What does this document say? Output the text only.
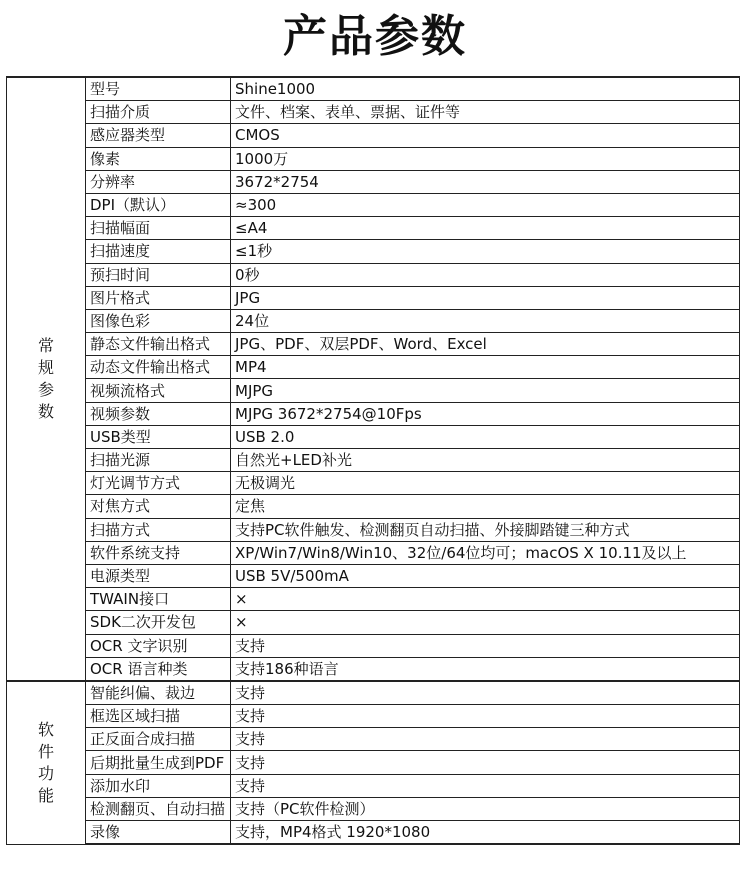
产品参数
常规参数	型号	Shine1000
	扫描介质	文件、档案、表单、票据、证件等
	感应器类型	CMOS
	像素	1000万
	分辨率	3672*2754
	DPI（默认）	≈300
	扫描幅面	≤A4
	扫描速度	≤1秒
	预扫时间	0秒
	图片格式	JPG
	图像色彩	24位
	静态文件输出格式	JPG、PDF、双层PDF、Word、Excel
	动态文件输出格式	MP4
	视频流格式	MJPG
	视频参数	MJPG 3672*2754@10Fps
	USB类型	USB 2.0
	扫描光源	自然光+LED补光
	灯光调节方式	无极调光
	对焦方式	定焦
	扫描方式	支持PC软件触发、检测翻页自动扫描、外接脚踏键三种方式
	软件系统支持	XP/Win7/Win8/Win10、32位/64位均可；macOS X 10.11及以上
	电源类型	USB 5V/500mA
	TWAIN接口	×
	SDK二次开发包	×
	OCR 文字识别	支持
	OCR 语言种类	支持186种语言
软件功能	智能纠偏、裁边	支持
	框选区域扫描	支持
	正反面合成扫描	支持
	后期批量生成到PDF	支持
	添加水印	支持
	检测翻页、自动扫描	支持（PC软件检测）
	录像	支持，MP4格式 1920*1080
